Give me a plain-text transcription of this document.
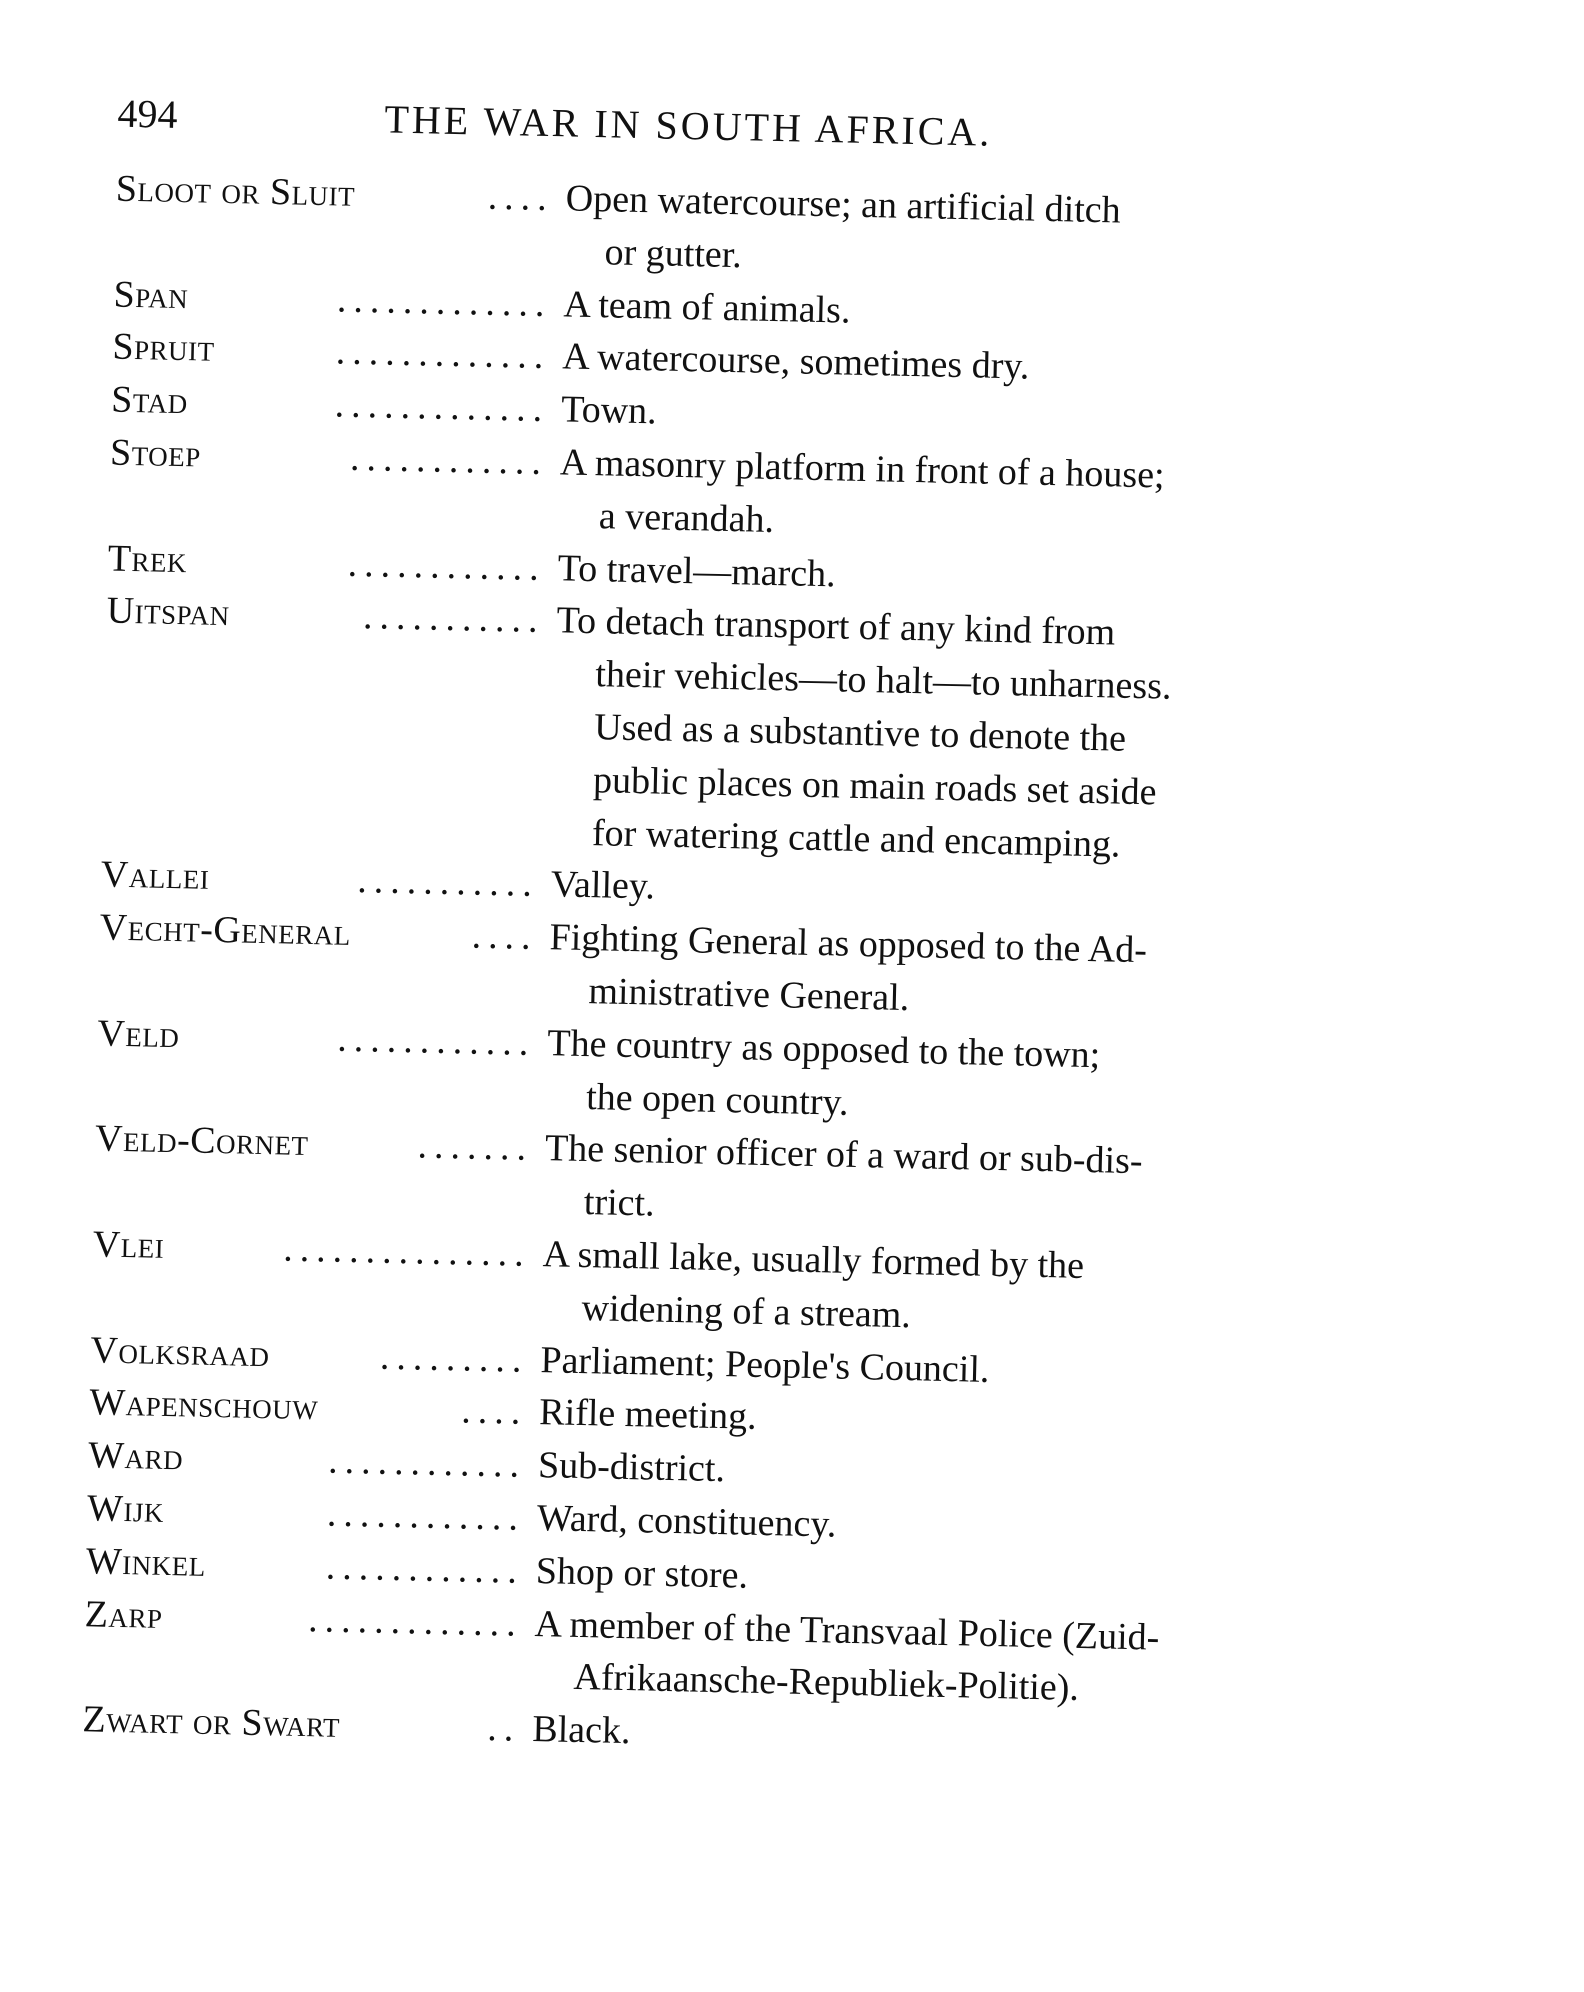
494	THE WAR IN SOUTH AFRICA.
Sloot or Sluit	.... Open watercourse; an artificial ditch
or gutter.
Span	............. A team of animals.
Spruit	............. A watercourse, sometimes dry.
Stad	............. Town.
Stoep	............ A masonry platform in front of a house;
a verandah.
Trek	............ To travel—march.
Uitspan	........... To detach transport of any kind from
their vehicles—to halt—to unharness.
Used as a substantive to denote the
public places on main roads set aside
for watering cattle and encamping.
Vallei	........... Valley.
Vecht-General	.... Fighting General as opposed to the Ad-
ministrative General.
Veld	............ The country as opposed to the town;
the open country.
Veld-Cornet	....... The senior officer of a ward or sub-dis-
trict.
Vlei	............... A small lake, usually formed by the
widening of a stream.
Volksraad	......... Parliament; People's Council.
Wapenschouw	.... Rifle meeting.
Ward	............ Sub-district.
Wijk	............ Ward, constituency.
Winkel	............ Shop or store.
Zarp	............. A member of the Transvaal Police (Zuid-
Afrikaansche-Republiek-Politie).
Zwart or Swart	.. Black.
